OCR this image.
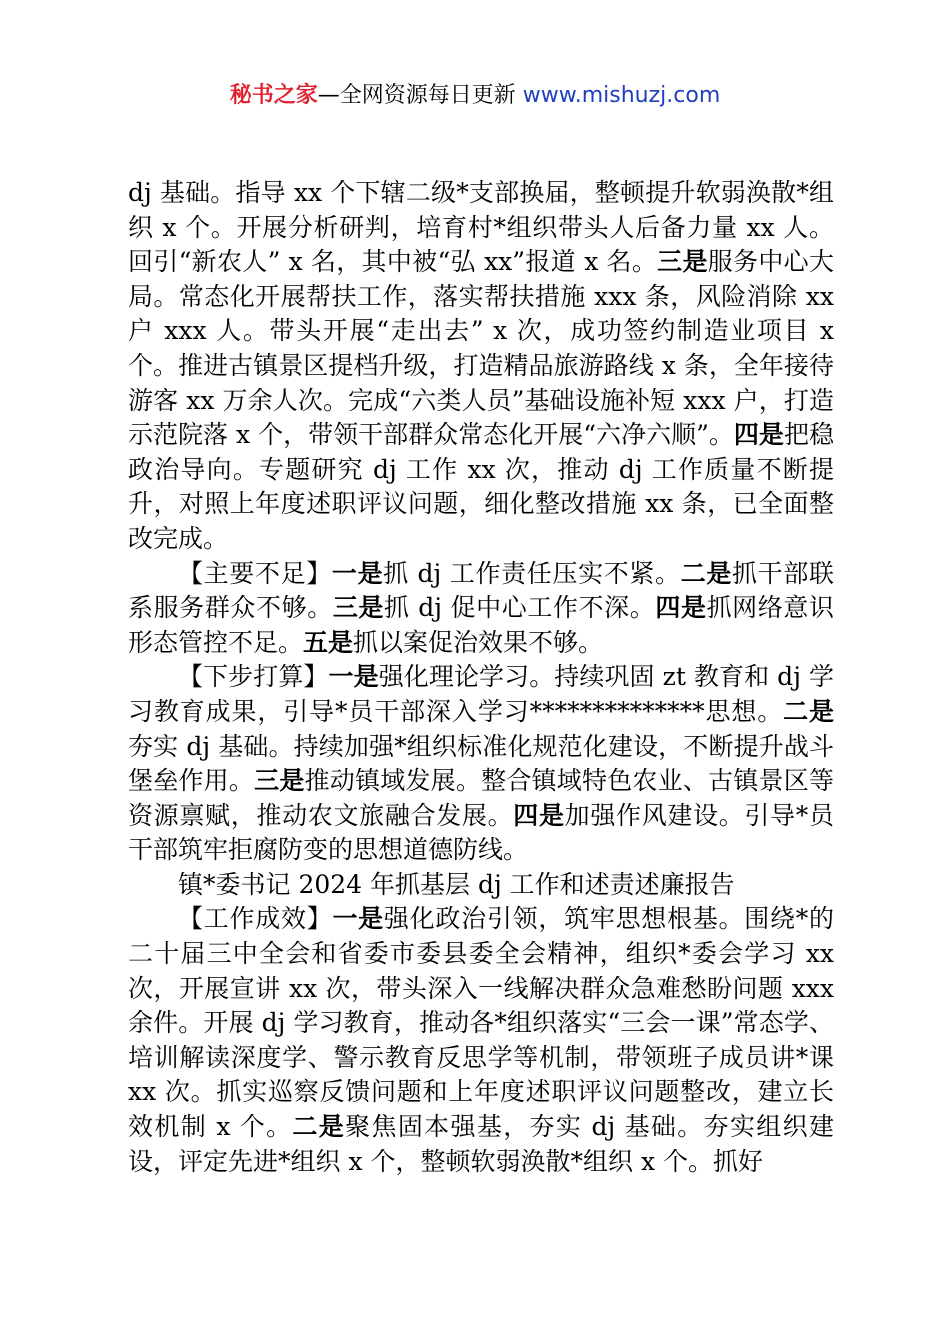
秘书之家—全网资源每日更新 www.mishuzj.com

dj 基础。指导 xx 个下辖二级*支部换届，整顿提升软弱涣散*组织 x 个。开展分析研判，培育村*组织带头人后备力量 xx 人。回引“新农人” x 名，其中被“弘 xx”报道 x 名。三是服务中心大局。常态化开展帮扶工作，落实帮扶措施 xxx 条，风险消除 xx 户 xxx 人。带头开展“走出去” x 次，成功签约制造业项目 x 个。推进古镇景区提档升级，打造精品旅游路线 x 条，全年接待游客 xx 万余人次。完成“六类人员”基础设施补短 xxx 户，打造示范院落 x 个，带领干部群众常态化开展“六净六顺”。四是把稳政治导向。专题研究 dj 工作 xx 次，推动 dj 工作质量不断提升，对照上年度述职评议问题，细化整改措施 xx 条，已全面整改完成。

【主要不足】一是抓 dj 工作责任压实不紧。二是抓干部联系服务群众不够。三是抓 dj 促中心工作不深。四是抓网络意识形态管控不足。五是抓以案促治效果不够。

【下步打算】一是强化理论学习。持续巩固 zt 教育和 dj 学习教育成果，引导*员干部深入学习**************思想。二是夯实 dj 基础。持续加强*组织标准化规范化建设，不断提升战斗堡垒作用。三是推动镇域发展。整合镇域特色农业、古镇景区等资源禀赋，推动农文旅融合发展。四是加强作风建设。引导*员干部筑牢拒腐防变的思想道德防线。

镇*委书记 2024 年抓基层 dj 工作和述责述廉报告

【工作成效】一是强化政治引领，筑牢思想根基。围绕*的二十届三中全会和省委市委县委全会精神，组织*委会学习 xx 次，开展宣讲 xx 次，带头深入一线解决群众急难愁盼问题 xxx 余件。开展 dj 学习教育，推动各*组织落实“三会一课”常态学、培训解读深度学、警示教育反思学等机制，带领班子成员讲*课 xx 次。抓实巡察反馈问题和上年度述职评议问题整改，建立长效机制 x 个。二是聚焦固本强基，夯实 dj 基础。夯实组织建设，评定先进*组织 x 个，整顿软弱涣散*组织 x 个。抓好
